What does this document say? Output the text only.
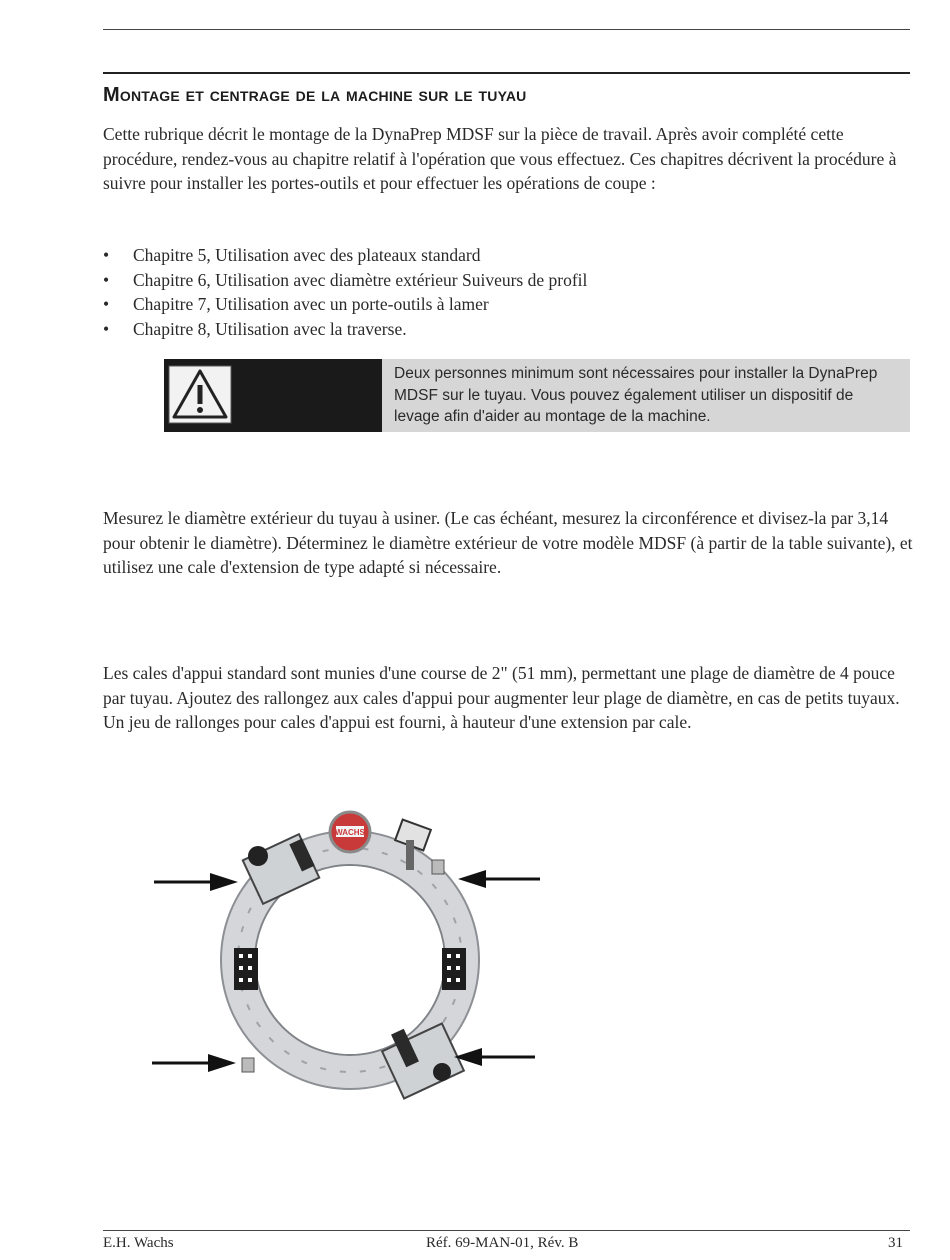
Montage et centrage de la machine sur le tuyau

Cette rubrique décrit le montage de la DynaPrep MDSF sur la pièce de travail. Après avoir complété cette procédure, rendez-vous au chapitre relatif à l'opération que vous effectuez. Ces chapitres décrivent la procédure à suivre pour installer les portes-outils et pour effectuer les opérations de coupe :

• Chapitre 5, Utilisation avec des plateaux standard
• Chapitre 6, Utilisation avec diamètre extérieur Suiveurs de profil
• Chapitre 7, Utilisation avec un porte-outils à lamer
• Chapitre 8, Utilisation avec la traverse.
Deux personnes minimum sont nécessaires pour installer la DynaPrep MDSF sur le tuyau. Vous pouvez également utiliser un dispositif de levage afin d'aider au montage de la machine.

Mesurez le diamètre extérieur du tuyau à usiner. (Le cas échéant, mesurez la circonférence et divisez-la par 3,14 pour obtenir le diamètre). Déterminez le diamètre extérieur de votre modèle MDSF (à partir de la table suivante), et utilisez une cale d'extension de type adapté si nécessaire.

Les cales d'appui standard sont munies d'une course de 2" (51 mm), permettant une plage de diamètre de 4 pouce par tuyau. Ajoutez des rallongez aux cales d'appui pour augmenter leur plage de diamètre, en cas de petits tuyaux. Un jeu de rallonges pour cales d'appui est fourni, à hauteur d'une extension par cale.

WACHS
E.H. Wachs	Réf. 69-MAN-01, Rév. B	31
